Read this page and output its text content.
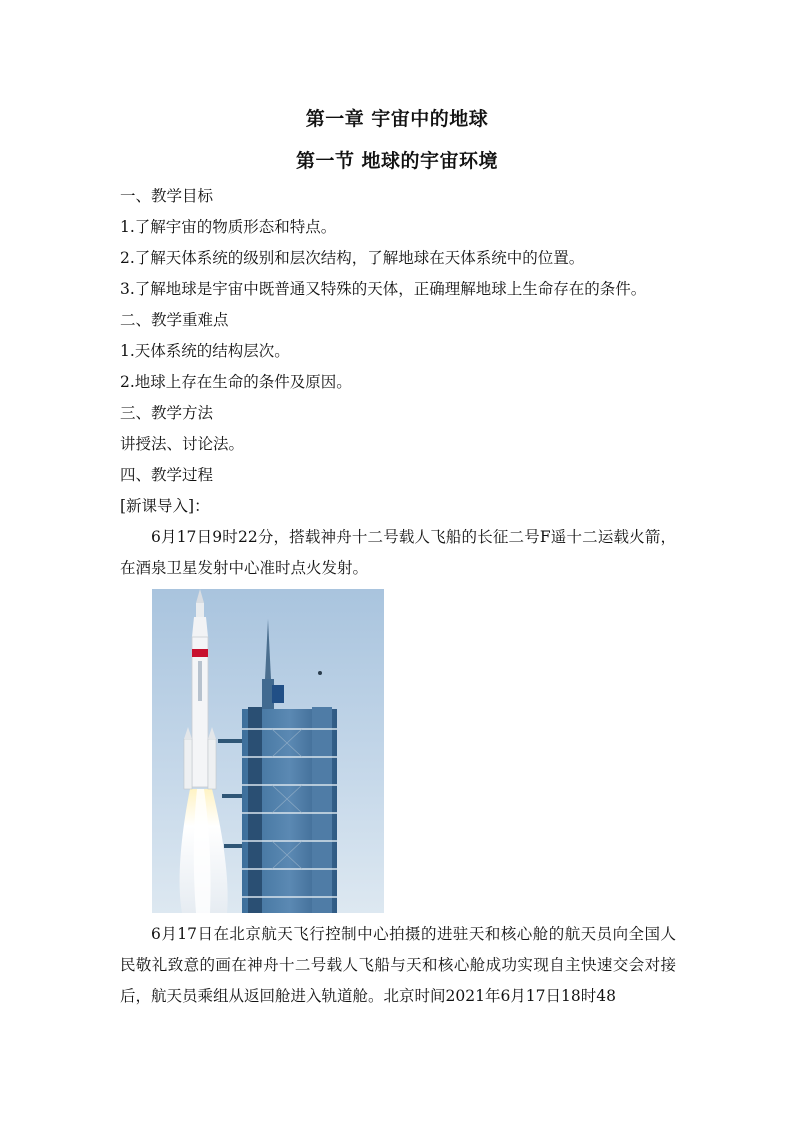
第一章 宇宙中的地球
第一节 地球的宇宙环境
一、教学目标
1.了解宇宙的物质形态和特点。
2.了解天体系统的级别和层次结构，了解地球在天体系统中的位置。
3.了解地球是宇宙中既普通又特殊的天体，正确理解地球上生命存在的条件。
二、教学重难点
1.天体系统的结构层次。
2.地球上存在生命的条件及原因。
三、教学方法
讲授法、讨论法。
四、教学过程
[新课导入]：
6月17日9时22分，搭载神舟十二号载人飞船的长征二号F遥十二运载火箭，在酒泉卫星发射中心准时点火发射。
6月17日在北京航天飞行控制中心拍摄的进驻天和核心舱的航天员向全国人民敬礼致意的画在神舟十二号载人飞船与天和核心舱成功实现自主快速交会对接后，航天员乘组从返回舱进入轨道舱。北京时间2021年6月17日18时48
